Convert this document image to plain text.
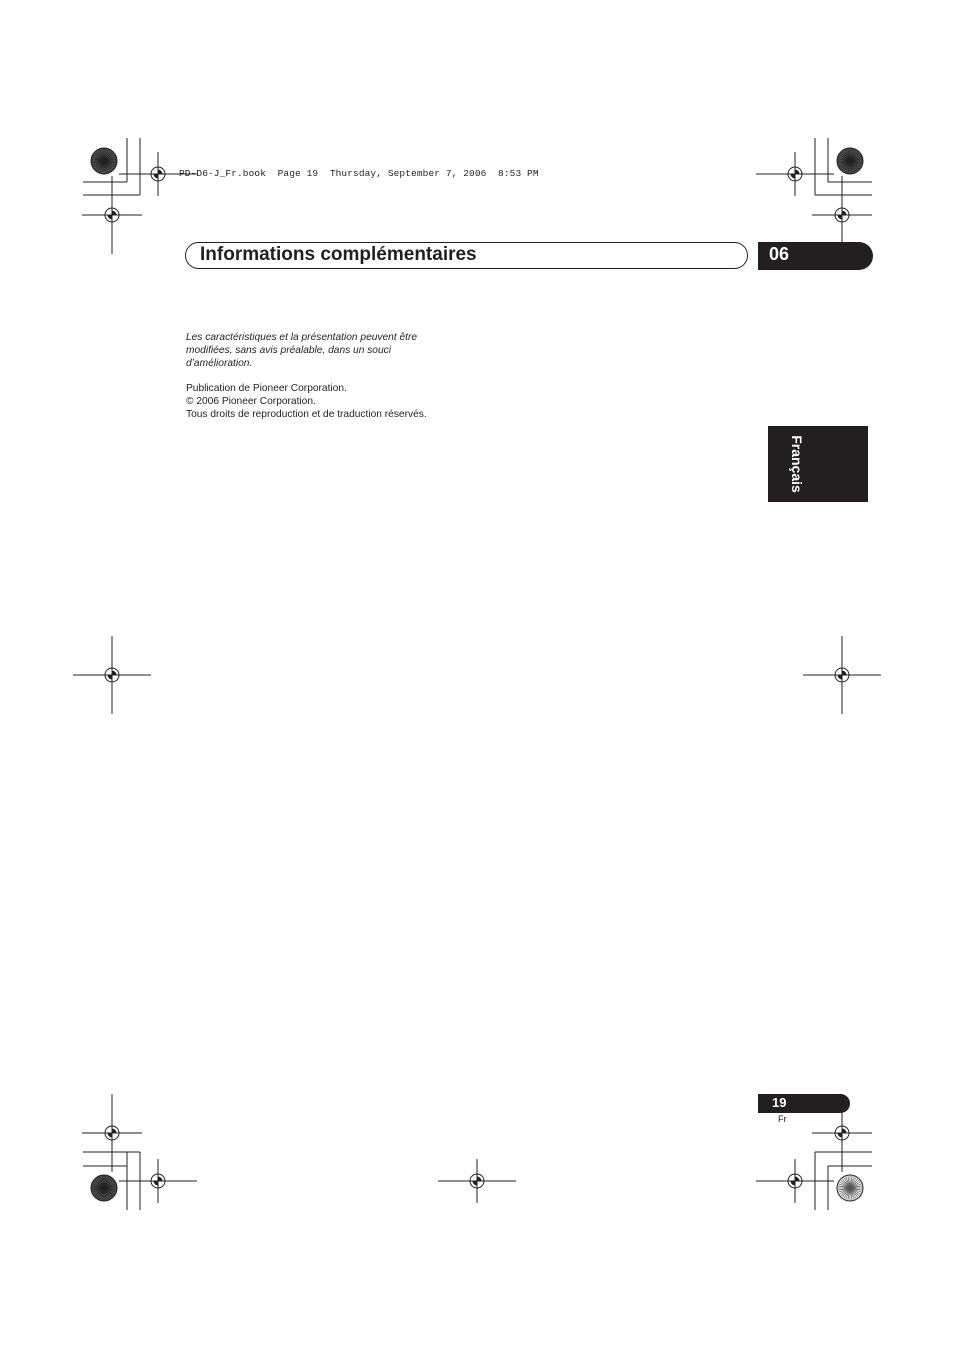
PD-D6-J_Fr.book  Page 19  Thursday, September 7, 2006  8:53 PM
Informations complémentaires	06
Les caractéristiques et la présentation peuvent être
modifiées, sans avis préalable, dans un souci
d’amélioration.
Publication de Pioneer Corporation.
© 2006 Pioneer Corporation.
Tous droits de reproduction et de traduction réservés.
Français
19
Fr
